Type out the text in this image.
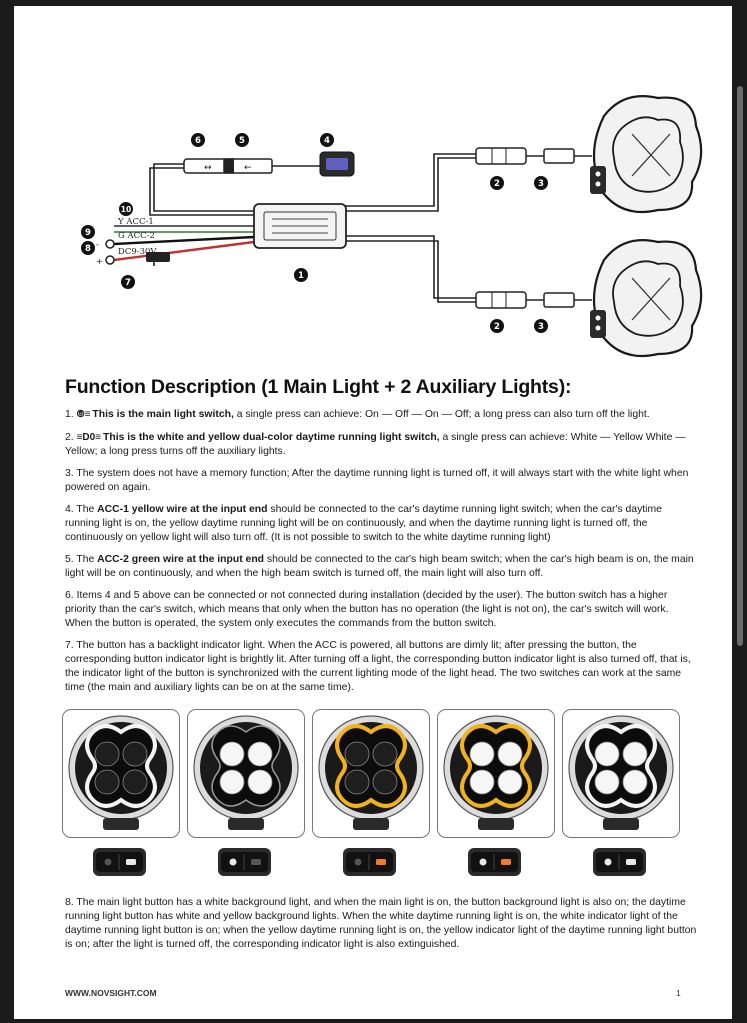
↔	←
Y ACC-1
G ACC-2
DC9-30V
-
+
6	5	4
10
9
8
7
2	3
1
2	3
Function Description (1 Main Light + 2 Auxiliary Lights):
1. ⦾≡ This is the main light switch, a single press can achieve: On — Off — On — Off; a long press can also turn off the light.
2. ≡D0≡ This is the white and yellow dual-color daytime running light switch, a single press can achieve: White — Yellow White — Yellow; a long press turns off the auxiliary lights.
3. The system does not have a memory function; After the daytime running light is turned off, it will always start with the white light when powered on again.
4. The ACC-1 yellow wire at the input end should be connected to the car's daytime running light switch; when the car's daytime running light is on, the yellow daytime running light will be on continuously, and when the daytime running light is turned off, the continuously on yellow light will also turn off. (It is not possible to switch to the white daytime running light)
5. The ACC-2 green wire at the input end should be connected to the car's high beam switch; when the car's high beam is on, the main light will be on continuously, and when the high beam switch is turned off, the main light will also turn off.
6. Items 4 and 5 above can be connected or not connected during installation (decided by the user). The button switch has a higher priority than the car's switch, which means that only when the button has no operation (the light is not on), the car's switch will work. When the button is operated, the system only executes the commands from the button switch.
7. The button has a backlight indicator light. When the ACC is powered, all buttons are dimly lit; after pressing the button, the corresponding button indicator light is brightly lit. After turning off a light, the corresponding button indicator light is also turned off, that is, the indicator light of the button is synchronized with the current lighting mode of the light head. The two switches can work at the same time (the main and auxiliary lights can be on at the same time).
8. The main light button has a white background light, and when the main light is on, the button background light is also on; the daytime running light button has white and yellow background lights. When the white daytime running light is on, the white indicator light of the daytime running light button is on; when the yellow daytime running light is on, the yellow indicator light of the daytime running light button is on; after the light is turned off, the corresponding indicator light is also extinguished.
WWW.NOVSIGHT.COM	1
